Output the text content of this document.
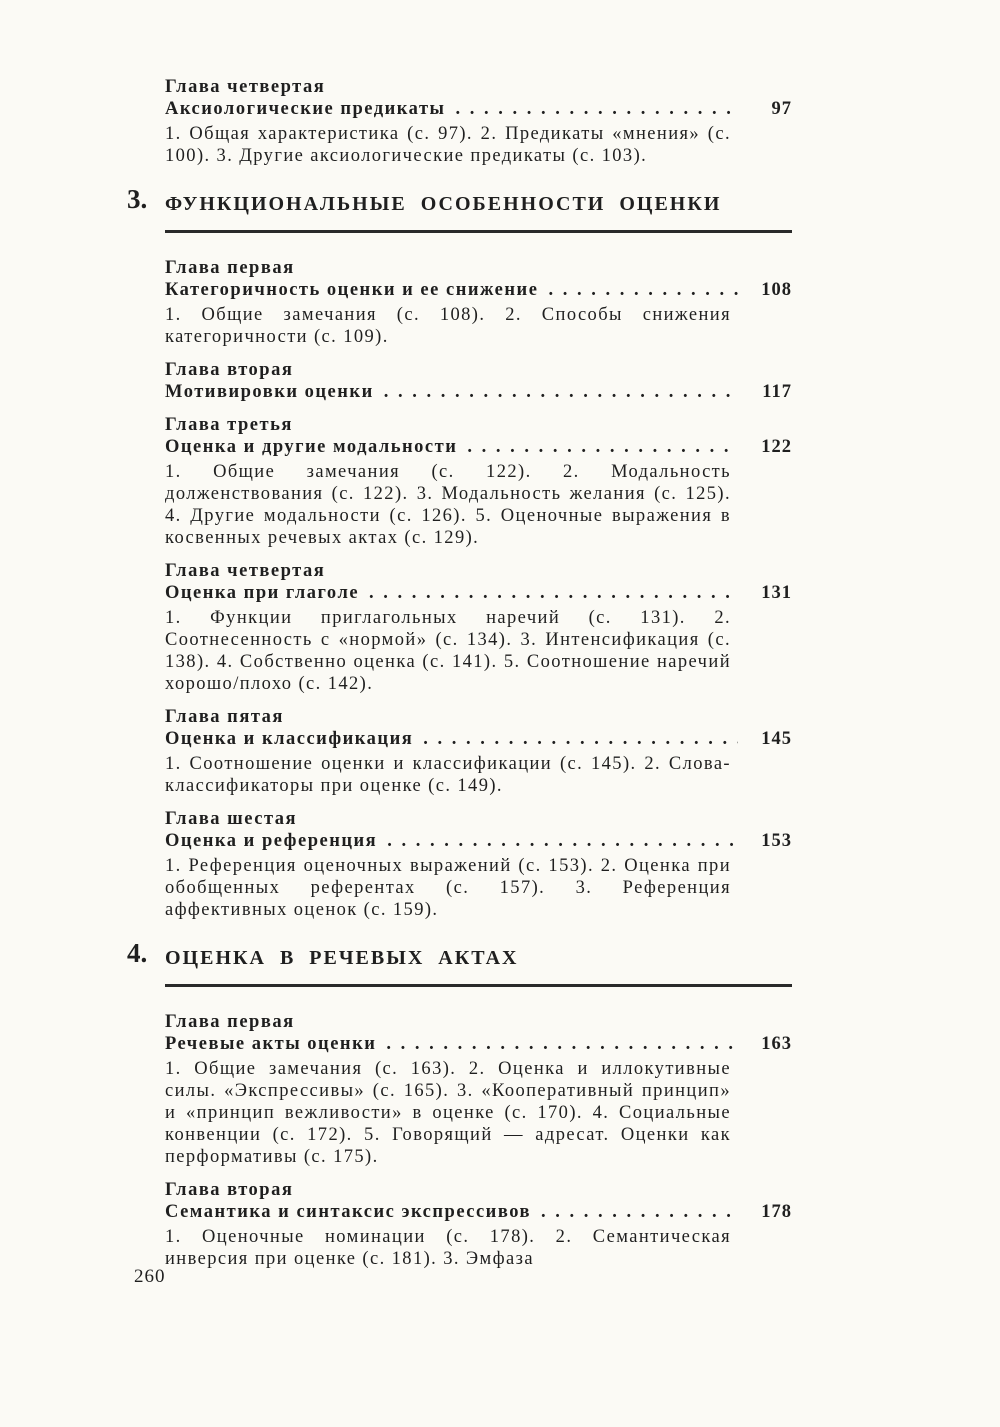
Глава четвертая
Аксиологические предикаты . . .	97

1. Общая характеристика (с. 97). 2. Предикаты «мнения» (с. 100). 3. Другие аксиологические предикаты (с. 103).

3. ФУНКЦИОНАЛЬНЫЕ ОСОБЕННОСТИ ОЦЕНКИ
Глава первая
Категоричность оценки и ее снижение . . .	108

1. Общие замечания (с. 108). 2. Способы снижения категоричности (с. 109).

Глава вторая
Мотивировки оценки . . .	117
Глава третья
Оценка и другие модальности . . .	122

1. Общие замечания (с. 122). 2. Модальность долженствования (с. 122). 3. Модальность желания (с. 125). 4. Другие модальности (с. 126). 5. Оценочные выражения в косвенных речевых актах (с. 129).

Глава четвертая
Оценка при глаголе . . .	131

1. Функции приглагольных наречий (с. 131). 2. Соотнесенность с «нормой» (с. 134). 3. Интенсификация (с. 138). 4. Собственно оценка (с. 141). 5. Соотношение наречий хорошо/плохо (с. 142).

Глава пятая
Оценка и классификация . . .	145

1. Соотношение оценки и классификации (с. 145). 2. Слова-классификаторы при оценке (с. 149).

Глава шестая
Оценка и референция . . .	153

1. Референция оценочных выражений (с. 153). 2. Оценка при обобщенных референтах (с. 157). 3. Референция аффективных оценок (с. 159).

4. ОЦЕНКА В РЕЧЕВЫХ АКТАХ
Глава первая
Речевые акты оценки . . .	163

1. Общие замечания (с. 163). 2. Оценка и иллокутивные силы. «Экспрессивы» (с. 165). 3. «Кооперативный принцип» и «принцип вежливости» в оценке (с. 170). 4. Социальные конвенции (с. 172). 5. Говорящий — адресат. Оценки как перформативы (с. 175).

Глава вторая
Семантика и синтаксис экспрессивов . . .	178

1. Оценочные номинации (с. 178). 2. Семантическая инверсия при оценке (с. 181). 3. Эмфаза

260
